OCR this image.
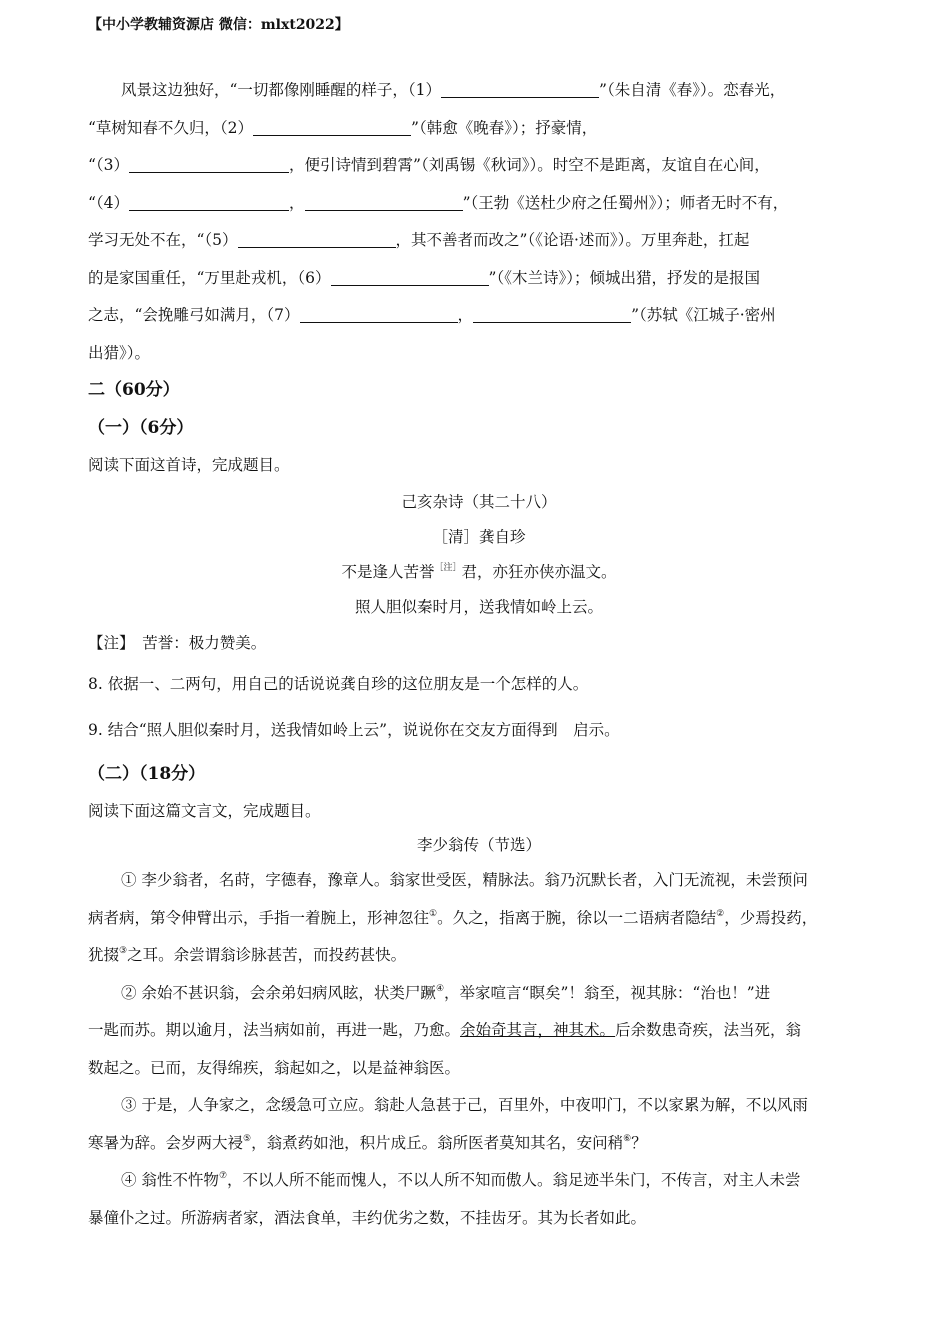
【中小学教辅资源店 微信：mlxt2022】
风景这边独好，“一切都像刚睡醒的样子，（1）	”（朱自清《春》）。恋春光，
“草树知春不久归，（2）	”（韩愈《晚春》）；抒豪情，
“（3）	，便引诗情到碧霄”（刘禹锡《秋词》）。时空不是距离，友谊自在心间，
“（4）	，	”（王勃《送杜少府之任蜀州》）；师者无时不有，
学习无处不在，“（5）	，其不善者而改之”（《论语·述而》）。万里奔赴，扛起
的是家国重任，“万里赴戎机，（6）	”（《木兰诗》）；倾城出猎，抒发的是报国
之志，“会挽雕弓如满月，（7）	，	”（苏轼《江城子·密州
出猎》）。
二（60分）
（一）（6分）
阅读下面这首诗，完成题目。
己亥杂诗（其二十八）
［清］龚自珍
不是逢人苦誉$^{[注]}$君，亦狂亦侠亦温文。
照人胆似秦时月，送我情如岭上云。
【注】　苦誉：极力赞美。
8. 依据一、二两句，用自己的话说说龚自珍的这位朋友是一个怎样的人。
9. 结合“照人胆似秦时月，送我情如岭上云”，说说你在交友方面得到　启示。
（二）（18分）
阅读下面这篇文言文，完成题目。
李少翁传（节选）
① 李少翁者，名莳，字德春，豫章人。翁家世受医，精脉法。翁乃沉默长者，入门无流视，未尝预问
病者病，第令伸臂出示，手指一着腕上，形神忽往①。久之，指离于腕，徐以一二语病者隐结②，少焉投药，
犹掇③之耳。余尝谓翁诊脉甚苦，而投药甚快。
② 余始不甚识翁，会余弟妇病风眩，状类尸蹶④，举家喧言“瞑矣”！翁至，视其脉：“治也！”进
一匙而苏。期以逾月，法当病如前，再进一匙，乃愈。余始奇其言，神其术。后余数患奇疾，法当死，翁
数起之。已而，友得绵疾，翁起如之，以是益神翁医。
③ 于是，人争家之，念缓急可立应。翁赴人急甚于己，百里外，中夜叩门，不以家累为解，不以风雨
寒暑为辞。会岁两大祲⑤，翁煮药如池，积片成丘。翁所医者莫知其名，安问稍⑥？
④ 翁性不忤物⑦，不以人所不能而愧人，不以人所不知而傲人。翁足迹半朱门，不传言，对主人未尝
暴僮仆之过。所游病者家，酒法食单，丰约优劣之数，不挂齿牙。其为长者如此。
